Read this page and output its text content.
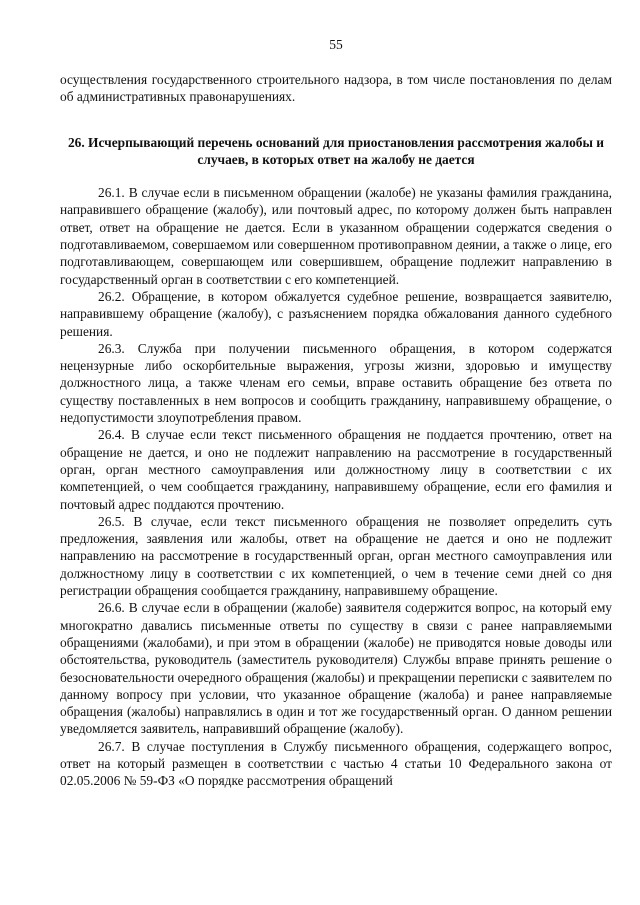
55

осуществления государственного строительного надзора, в том числе постановления по делам об административных правонарушениях.

26. Исчерпывающий перечень оснований для приостановления рассмотрения жалобы и случаев, в которых ответ на жалобу не дается

26.1. В случае если в письменном обращении (жалобе) не указаны фамилия гражданина, направившего обращение (жалобу), или почтовый адрес, по которому должен быть направлен ответ, ответ на обращение не дается. Если в указанном обращении содержатся сведения о подготавливаемом, совершаемом или совершенном противоправном деянии, а также о лице, его подготавливающем, совершающем или совершившем, обращение подлежит направлению в государственный орган в соответствии с его компетенцией.

26.2. Обращение, в котором обжалуется судебное решение, возвращается заявителю, направившему обращение (жалобу), с разъяснением порядка обжалования данного судебного решения.

26.3. Служба при получении письменного обращения, в котором содержатся нецензурные либо оскорбительные выражения, угрозы жизни, здоровью и имуществу должностного лица, а также членам его семьи, вправе оставить обращение без ответа по существу поставленных в нем вопросов и сообщить гражданину, направившему обращение, о недопустимости злоупотребления правом.

26.4. В случае если текст письменного обращения не поддается прочтению, ответ на обращение не дается, и оно не подлежит направлению на рассмотрение в государственный орган, орган местного самоуправления или должностному лицу в соответствии с их компетенцией, о чем сообщается гражданину, направившему обращение, если его фамилия и почтовый адрес поддаются прочтению.

26.5. В случае, если текст письменного обращения не позволяет определить суть предложения, заявления или жалобы, ответ на обращение не дается и оно не подлежит направлению на рассмотрение в государственный орган, орган местного самоуправления или должностному лицу в соответствии с их компетенцией, о чем в течение семи дней со дня регистрации обращения сообщается гражданину, направившему обращение.

26.6. В случае если в обращении (жалобе) заявителя содержится вопрос, на который ему многократно давались письменные ответы по существу в связи с ранее направляемыми обращениями (жалобами), и при этом в обращении (жалобе) не приводятся новые доводы или обстоятельства, руководитель (заместитель руководителя) Службы вправе принять решение о безосновательности очередного обращения (жалобы) и прекращении переписки с заявителем по данному вопросу при условии, что указанное обращение (жалоба) и ранее направляемые обращения (жалобы) направлялись в один и тот же государственный орган. О данном решении уведомляется заявитель, направивший обращение (жалобу).

26.7. В случае поступления в Службу письменного обращения, содержащего вопрос, ответ на который размещен в соответствии с частью 4 статьи 10 Федерального закона от 02.05.2006 № 59-ФЗ «О порядке рассмотрения обращений
